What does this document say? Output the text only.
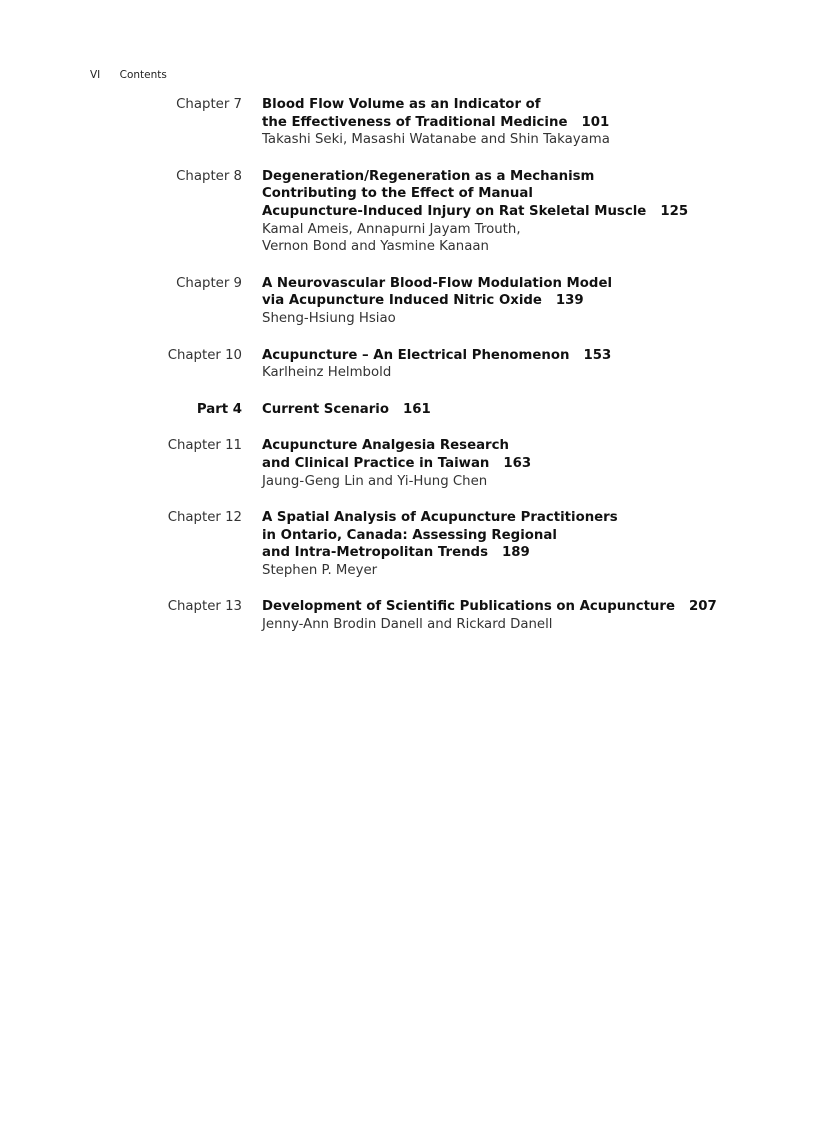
VI Contents
Chapter 7 Blood Flow Volume as an Indicator of
the Effectiveness of Traditional Medicine 101
Takashi Seki, Masashi Watanabe and Shin Takayama
Chapter 8 Degeneration/Regeneration as a Mechanism
Contributing to the Effect of Manual
Acupuncture-Induced Injury on Rat Skeletal Muscle 125
Kamal Ameis, Annapurni Jayam Trouth,
Vernon Bond and Yasmine Kanaan
Chapter 9 A Neurovascular Blood-Flow Modulation Model
via Acupuncture Induced Nitric Oxide 139
Sheng-Hsiung Hsiao
Chapter 10 Acupuncture – An Electrical Phenomenon 153
Karlheinz Helmbold
Part 4 Current Scenario 161
Chapter 11 Acupuncture Analgesia Research
and Clinical Practice in Taiwan 163
Jaung-Geng Lin and Yi-Hung Chen
Chapter 12 A Spatial Analysis of Acupuncture Practitioners
in Ontario, Canada: Assessing Regional
and Intra-Metropolitan Trends 189
Stephen P. Meyer
Chapter 13 Development of Scientific Publications on Acupuncture 207
Jenny-Ann Brodin Danell and Rickard Danell
